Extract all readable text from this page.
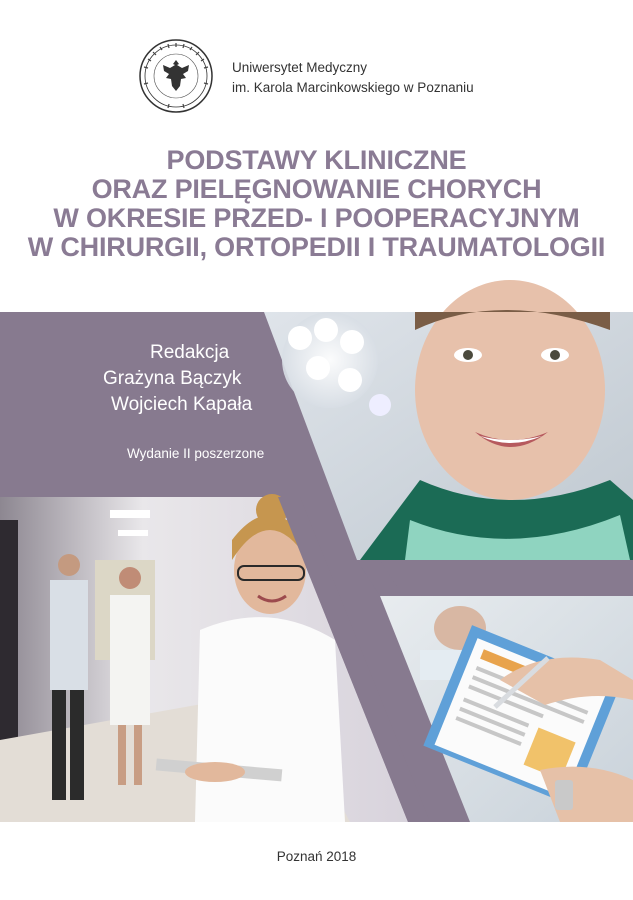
Uniwersytet Medyczny
im. Karola Marcinkowskiego w Poznaniu
PODSTAWY KLINICZNE
ORAZ PIELĘGNOWANIE CHORYCH
W OKRESIE PRZED- I POOPERACYJNYM
W CHIRURGII, ORTOPEDII I TRAUMATOLOGII
Redakcja
Grażyna Bączyk
Wojciech Kapała
Wydanie II poszerzone
Poznań 2018
